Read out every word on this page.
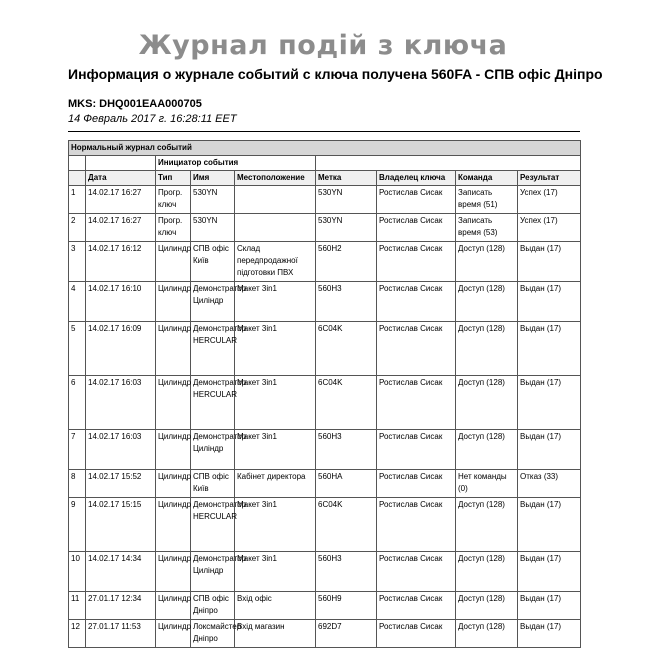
Журнал подій з ключа
Информация о журнале событий с ключа получена 560FA - СПВ офіс Дніпро
MKS: DHQ001EAA000705
14 Февраль 2017 г. 16:28:11 EET
Нормальный журнал событий								
		Инициатор события						
	Дата	Тип	Имя	Местоположение	Метка	Владелец ключа	Команда	Результат
1	14.02.17 16:27	Прогр. ключ	530YN		530YN	Ростислав Сисак	Записать время (51)	Успех (17)
2	14.02.17 16:27	Прогр. ключ	530YN		530YN	Ростислав Сисак	Записать время (53)	Успех (17)
3	14.02.17 16:12	Цилиндр	СПВ офіс Київ	Склад передпродажної підготовки ПВХ	560H2	Ростислав Сисак	Доступ (128)	Выдан (17)
4	14.02.17 16:10	Цилиндр	Демонстратор Циліндр	Макет 3in1	560H3	Ростислав Сисак	Доступ (128)	Выдан (17)
5	14.02.17 16:09	Цилиндр	Демонстратор HERCULAR	Макет 3in1	6C04K	Ростислав Сисак	Доступ (128)	Выдан (17)
6	14.02.17 16:03	Цилиндр	Демонстратор HERCULAR	Макет 3in1	6C04K	Ростислав Сисак	Доступ (128)	Выдан (17)
7	14.02.17 16:03	Цилиндр	Демонстратор Циліндр	Макет 3in1	560H3	Ростислав Сисак	Доступ (128)	Выдан (17)
8	14.02.17 15:52	Цилиндр	СПВ офіс Київ	Кабінет директора	560HA	Ростислав Сисак	Нет команды (0)	Отказ (33)
9	14.02.17 15:15	Цилиндр	Демонстратор HERCULAR	Макет 3in1	6C04K	Ростислав Сисак	Доступ (128)	Выдан (17)
10	14.02.17 14:34	Цилиндр	Демонстратор Циліндр	Макет 3in1	560H3	Ростислав Сисак	Доступ (128)	Выдан (17)
11	27.01.17 12:34	Цилиндр	СПВ офіс Дніпро	Вхід офіс	560H9	Ростислав Сисак	Доступ (128)	Выдан (17)
12	27.01.17 11:53	Цилиндр	Локсмайстер Дніпро	Вхід магазин	692D7	Ростислав Сисак	Доступ (128)	Выдан (17)
